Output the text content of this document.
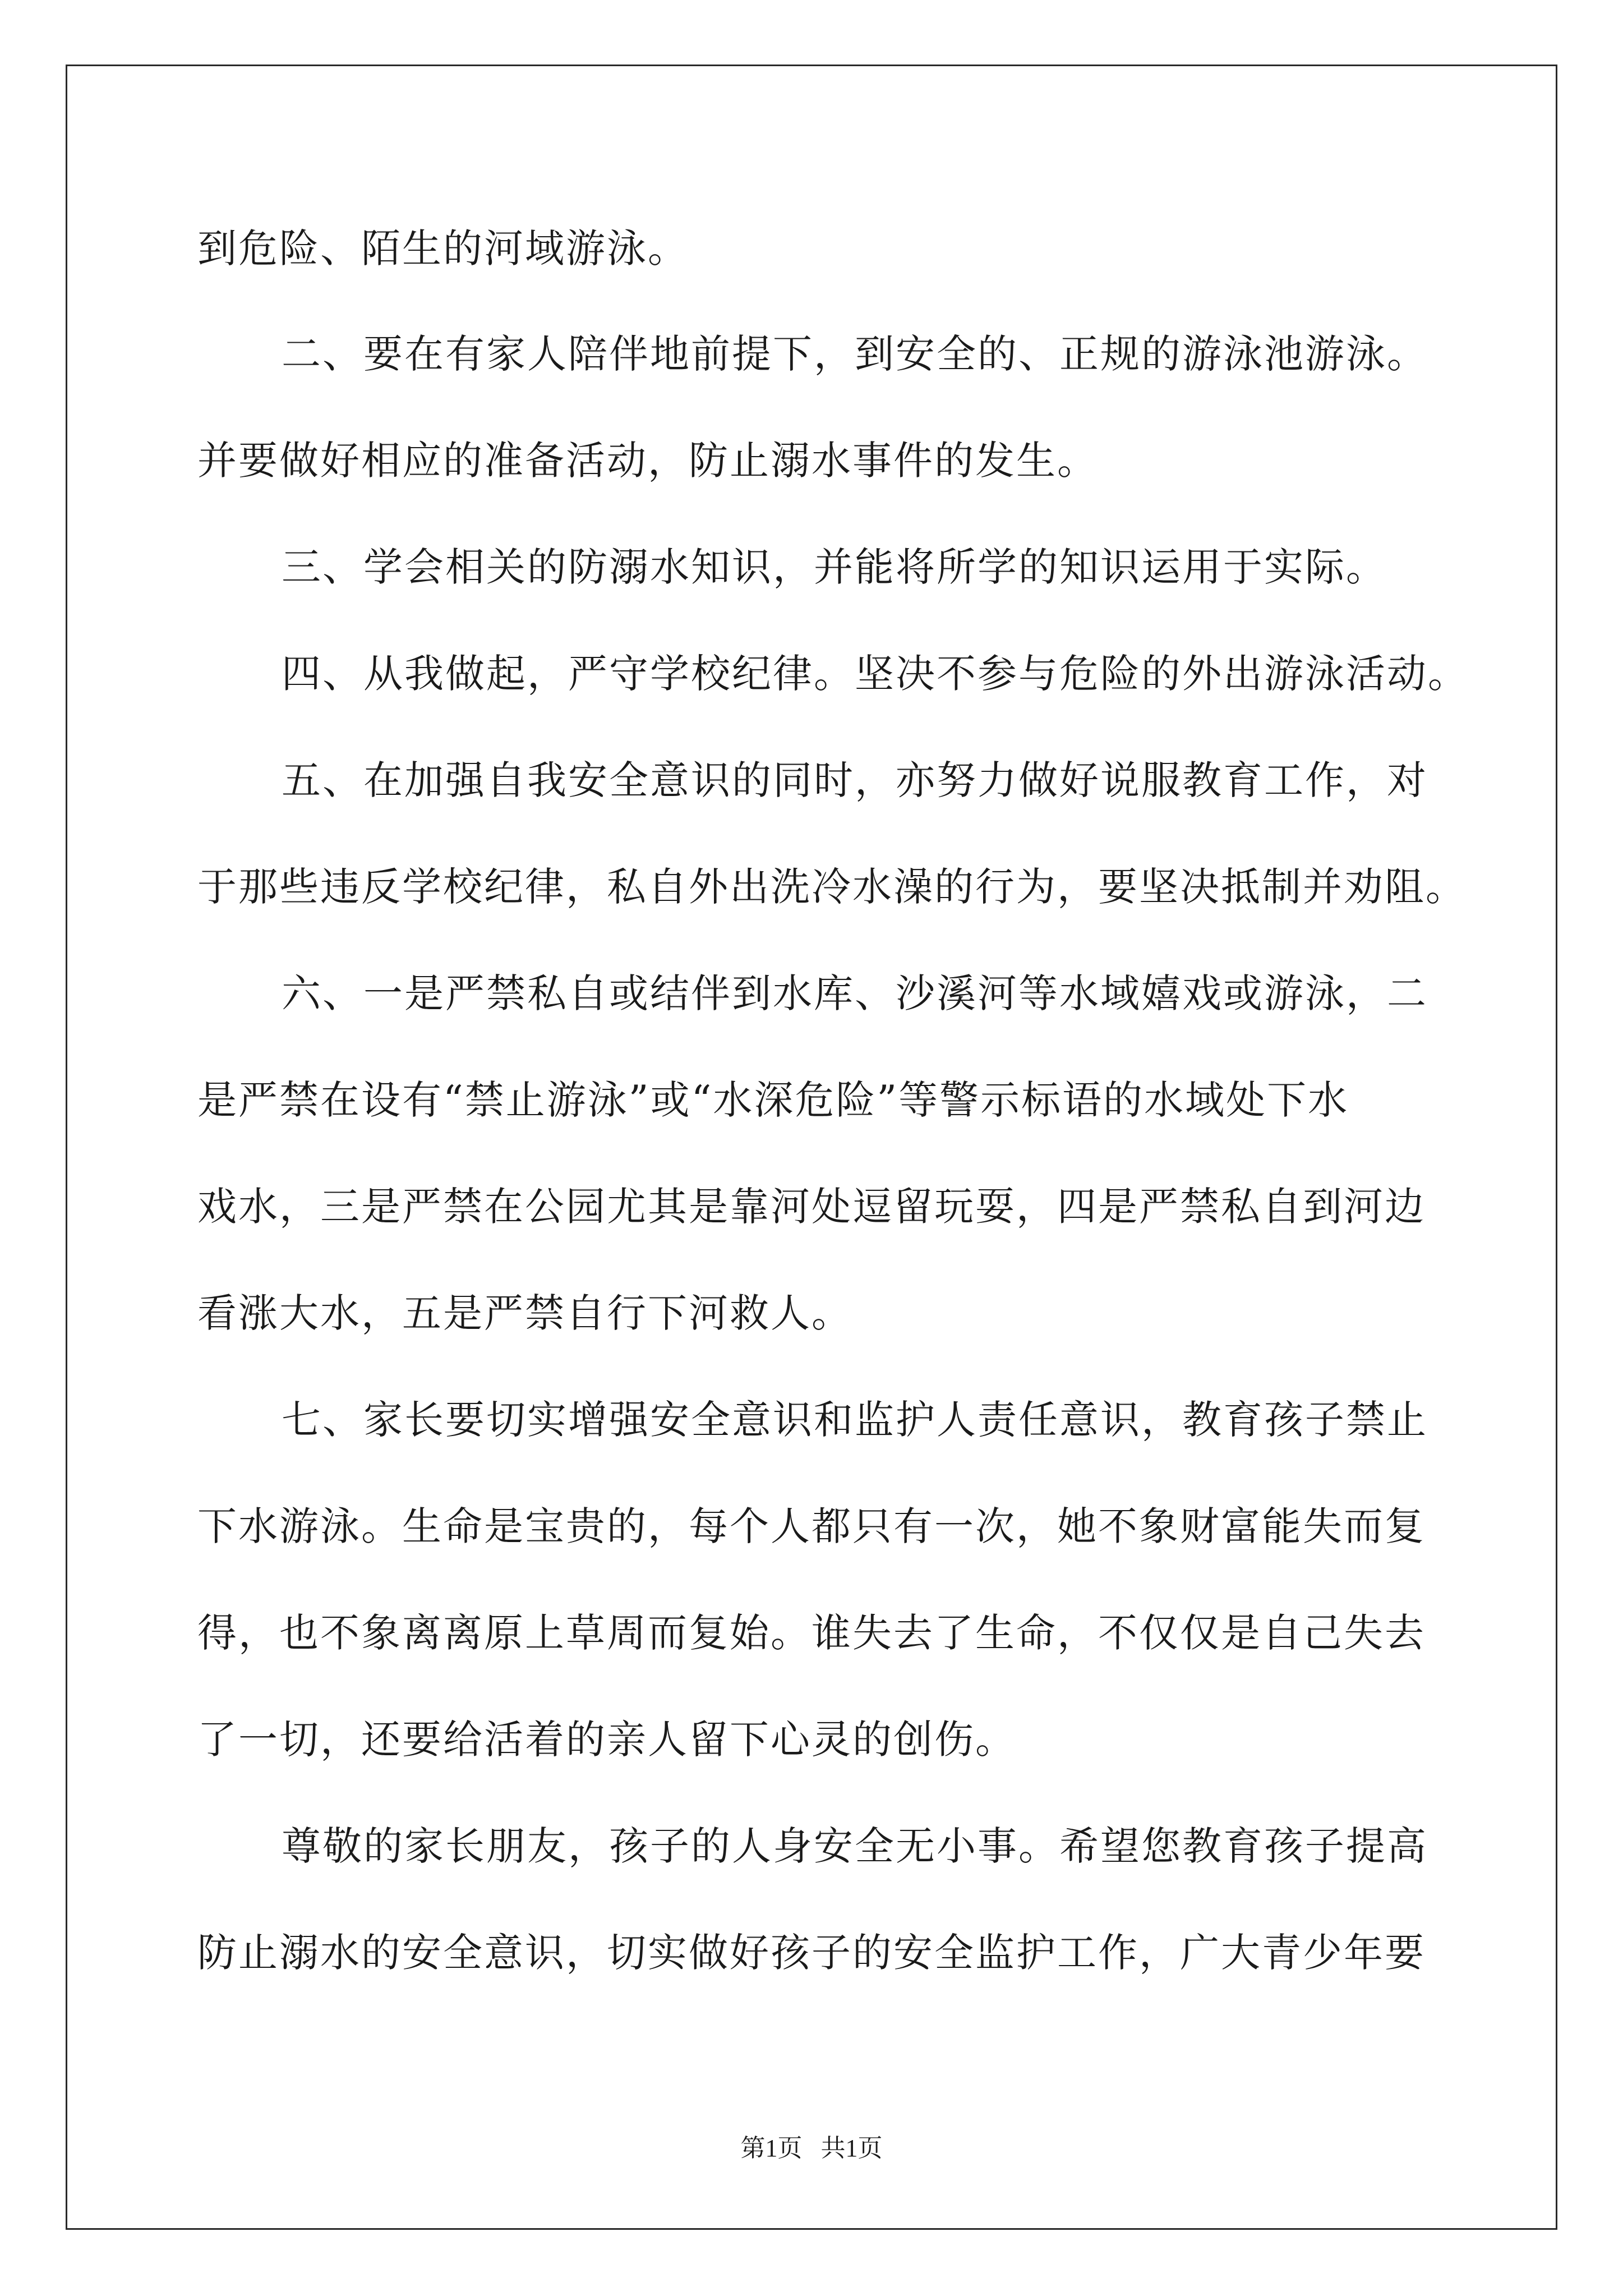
到危险、陌生的河域游泳。
二、要在有家人陪伴地前提下，到安全的、正规的游泳池游泳。
并要做好相应的准备活动，防止溺水事件的发生。
三、学会相关的防溺水知识，并能将所学的知识运用于实际。
四、从我做起，严守学校纪律。坚决不参与危险的外出游泳活动。
五、在加强自我安全意识的同时，亦努力做好说服教育工作，对
于那些违反学校纪律，私自外出洗冷水澡的行为，要坚决抵制并劝阻。
六、一是严禁私自或结伴到水库、沙溪河等水域嬉戏或游泳，二
是严禁在设有“禁止游泳”或“水深危险”等警示标语的水域处下水
戏水，三是严禁在公园尤其是靠河处逗留玩耍，四是严禁私自到河边
看涨大水，五是严禁自行下河救人。
七、家长要切实增强安全意识和监护人责任意识，教育孩子禁止
下水游泳。生命是宝贵的，每个人都只有一次，她不象财富能失而复
得，也不象离离原上草周而复始。谁失去了生命，不仅仅是自己失去
了一切，还要给活着的亲人留下心灵的创伤。
尊敬的家长朋友，孩子的人身安全无小事。希望您教育孩子提高
防止溺水的安全意识，切实做好孩子的安全监护工作，广大青少年要
第1页   共1页
